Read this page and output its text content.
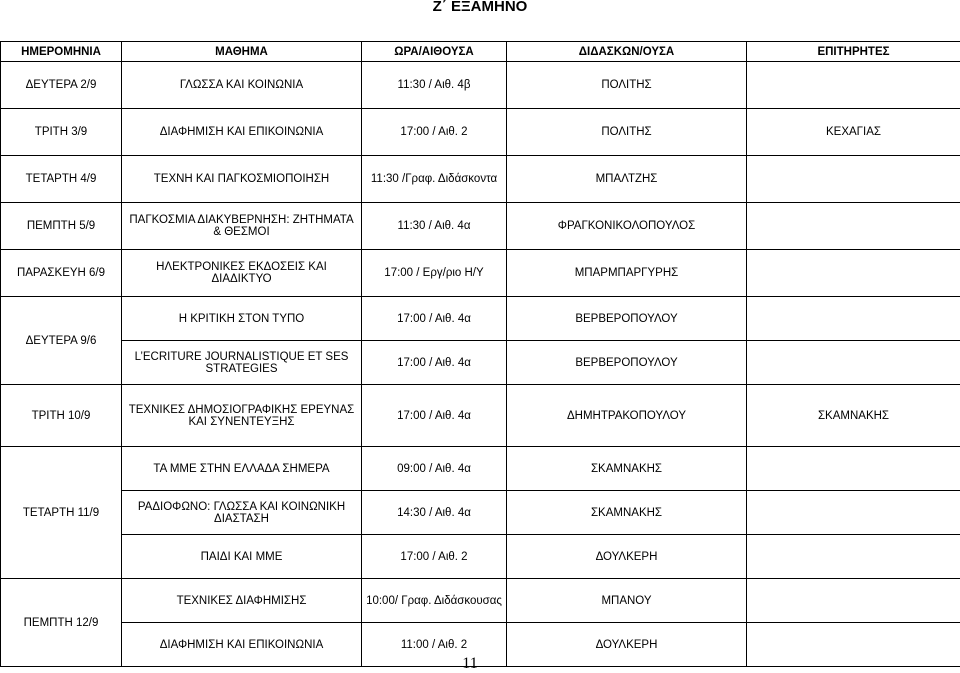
Ζ΄ ΕΞΑΜΗΝΟ
ΗΜΕΡΟΜΗΝΙΑ	ΜΑΘΗΜΑ	ΩΡΑ/ΑΙΘΟΥΣΑ	ΔΙΔΑΣΚΩΝ/ΟΥΣΑ	ΕΠΙΤΗΡΗΤΕΣ
ΔΕΥΤΕΡΑ 2/9	ΓΛΩΣΣΑ ΚΑΙ ΚΟΙΝΩΝΙΑ	11:30 / Αιθ. 4β	ΠΟΛΙΤΗΣ	
ΤΡΙΤΗ 3/9	ΔΙΑΦΗΜΙΣΗ ΚΑΙ ΕΠΙΚΟΙΝΩΝΙΑ	17:00 / Αιθ. 2	ΠΟΛΙΤΗΣ	ΚΕΧΑΓΙΑΣ
ΤΕΤΑΡΤΗ 4/9	ΤΕΧΝΗ ΚΑΙ ΠΑΓΚΟΣΜΙΟΠΟΙΗΣΗ	11:30 /Γραφ. Διδάσκοντα	ΜΠΑΛΤΖΗΣ	
ΠΕΜΠΤΗ 5/9	ΠΑΓΚΟΣΜΙΑ ΔΙΑΚΥΒΕΡΝΗΣΗ: ΖΗΤΗΜΑΤΑ & ΘΕΣΜΟΙ	11:30 / Αιθ. 4α	ΦΡΑΓΚΟΝΙΚΟΛΟΠΟΥΛΟΣ	
ΠΑΡΑΣΚΕΥΗ 6/9	ΗΛΕΚΤΡΟΝΙΚΕΣ ΕΚΔΟΣΕΙΣ ΚΑΙ ΔΙΑΔΙΚΤΥΟ	17:00 / Εργ/ριο Η/Υ	ΜΠΑΡΜΠΑΡΓΥΡΗΣ	
ΔΕΥΤΕΡΑ 9/6	Η ΚΡΙΤΙΚΗ ΣΤΟΝ ΤΥΠΟ	17:00 / Αιθ. 4α	ΒΕΡΒΕΡΟΠΟΥΛΟΥ	
	L’ECRITURE JOURNALISTIQUE ET SES STRATEGIES	17:00 / Αιθ. 4α	ΒΕΡΒΕΡΟΠΟΥΛΟΥ	
ΤΡΙΤΗ 10/9	ΤΕΧΝΙΚΕΣ ΔΗΜΟΣΙΟΓΡΑΦΙΚΗΣ ΕΡΕΥΝΑΣ ΚΑΙ ΣΥΝΕΝΤΕΥΞΗΣ	17:00 / Αιθ. 4α	ΔΗΜΗΤΡΑΚΟΠΟΥΛΟΥ	ΣΚΑΜΝΑΚΗΣ
ΤΕΤΑΡΤΗ 11/9	ΤΑ ΜΜΕ ΣΤΗΝ ΕΛΛΑΔΑ ΣΗΜΕΡΑ	09:00 / Αιθ. 4α	ΣΚΑΜΝΑΚΗΣ	
	ΡΑΔΙΟΦΩΝΟ: ΓΛΩΣΣΑ ΚΑΙ ΚΟΙΝΩΝΙΚΗ ΔΙΑΣΤΑΣΗ	14:30 / Αιθ. 4α	ΣΚΑΜΝΑΚΗΣ	
	ΠΑΙΔΙ ΚΑΙ ΜΜΕ	17:00 / Αιθ. 2	ΔΟΥΛΚΕΡΗ	
ΠΕΜΠΤΗ 12/9	ΤΕΧΝΙΚΕΣ ΔΙΑΦΗΜΙΣΗΣ	10:00/ Γραφ. Διδάσκουσας	ΜΠΑΝΟΥ	
	ΔΙΑΦΗΜΙΣΗ ΚΑΙ ΕΠΙΚΟΙΝΩΝΙΑ	11:00 / Αιθ. 2	ΔΟΥΛΚΕΡΗ	
11
